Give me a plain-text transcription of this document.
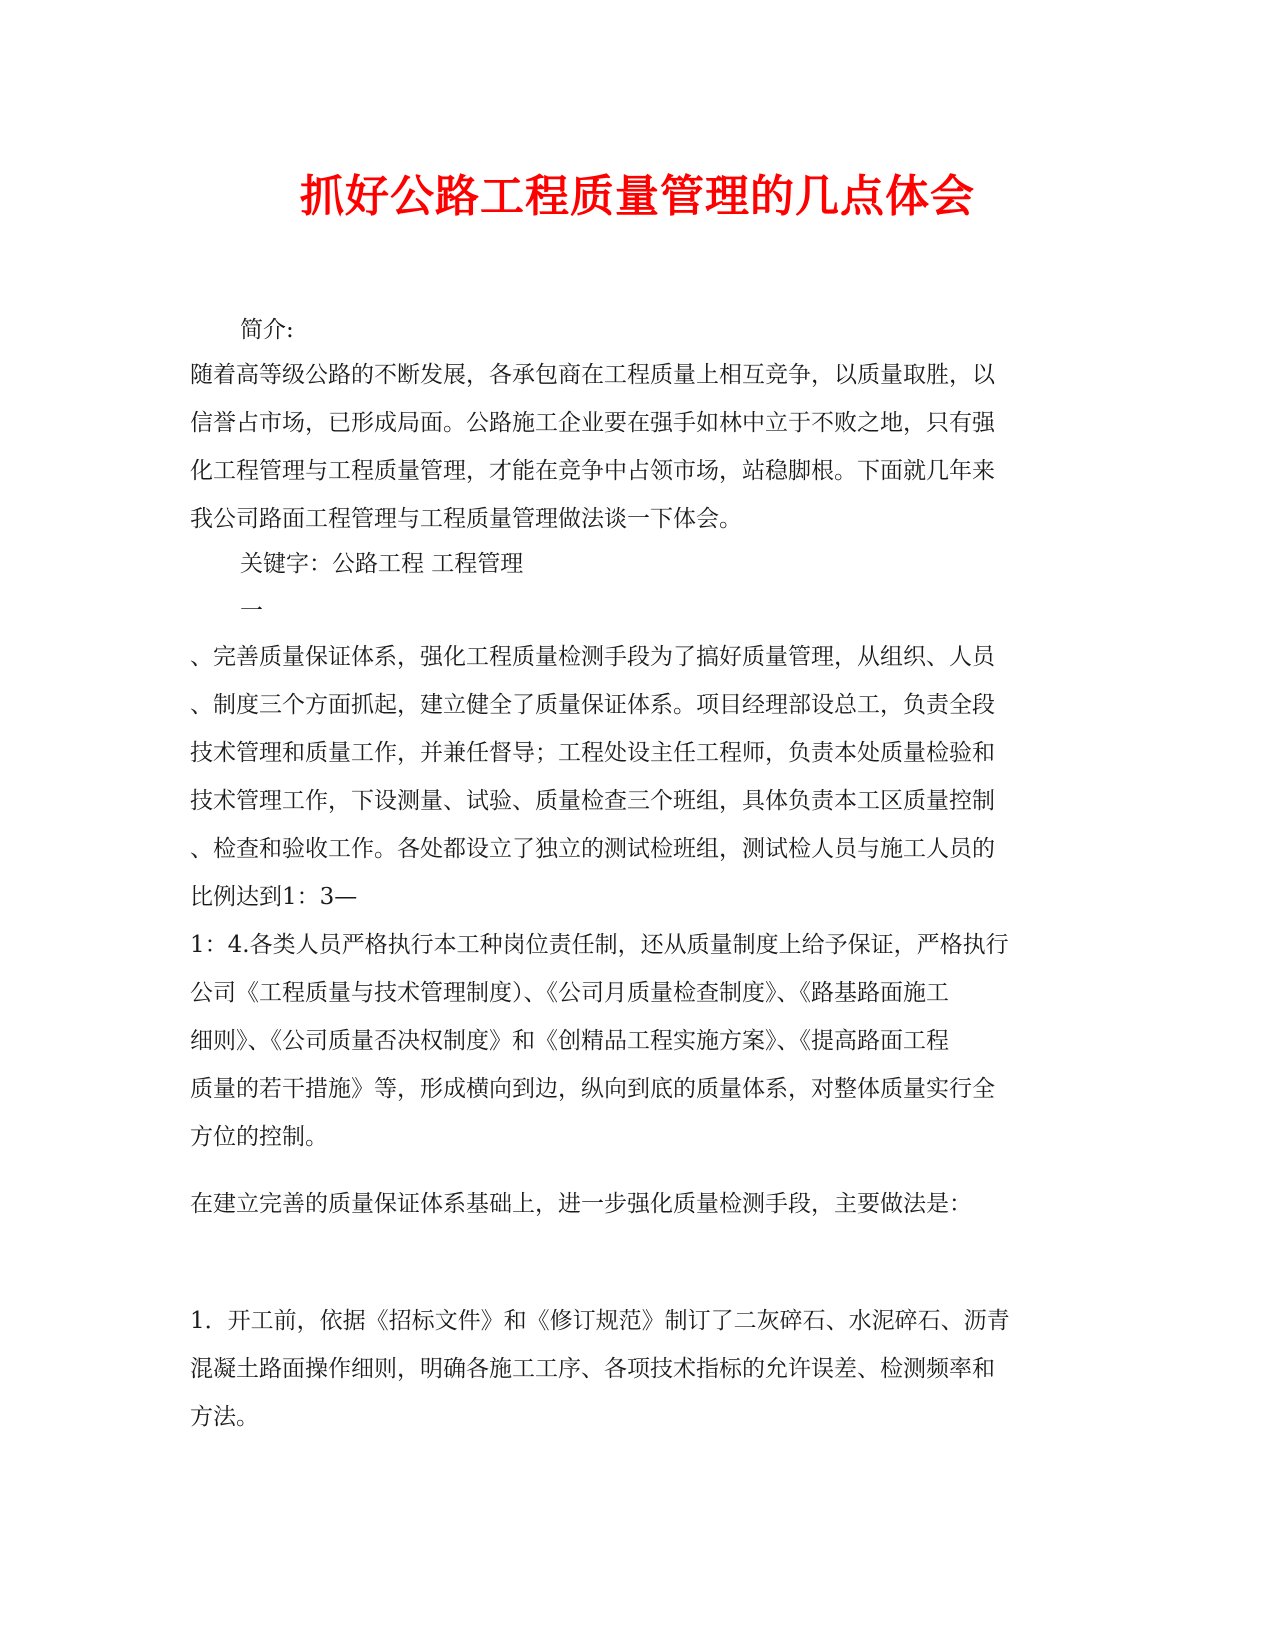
抓好公路工程质量管理的几点体会

简介:

随着高等级公路的不断发展，各承包商在工程质量上相互竞争，以质量取胜，以
信誉占市场，已形成局面。公路施工企业要在强手如林中立于不败之地，只有强
化工程管理与工程质量管理，才能在竞争中占领市场，站稳脚根。下面就几年来
我公司路面工程管理与工程质量管理做法谈一下体会。

关键字：公路工程 工程管理

一

、完善质量保证体系，强化工程质量检测手段为了搞好质量管理，从组织、人员
、制度三个方面抓起，建立健全了质量保证体系。项目经理部设总工，负责全段
技术管理和质量工作，并兼任督导；工程处设主任工程师，负责本处质量检验和
技术管理工作，下设测量、试验、质量检查三个班组，具体负责本工区质量控制
、检查和验收工作。各处都设立了独立的测试检班组，测试检人员与施工人员的
比例达到1：3—
1：4.各类人员严格执行本工种岗位责任制，还从质量制度上给予保证，严格执行
公司《工程质量与技术管理制度）、《公司月质量检查制度》、《路基路面施工
细则》、《公司质量否决权制度》和《创精品工程实施方案》、《提高路面工程
质量的若干措施》等，形成横向到边，纵向到底的质量体系，对整体质量实行全
方位的控制。

在建立完善的质量保证体系基础上，进一步强化质量检测手段，主要做法是：

1．开工前，依据《招标文件》和《修订规范》制订了二灰碎石、水泥碎石、沥青
混凝土路面操作细则，明确各施工工序、各项技术指标的允许误差、检测频率和
方法。
